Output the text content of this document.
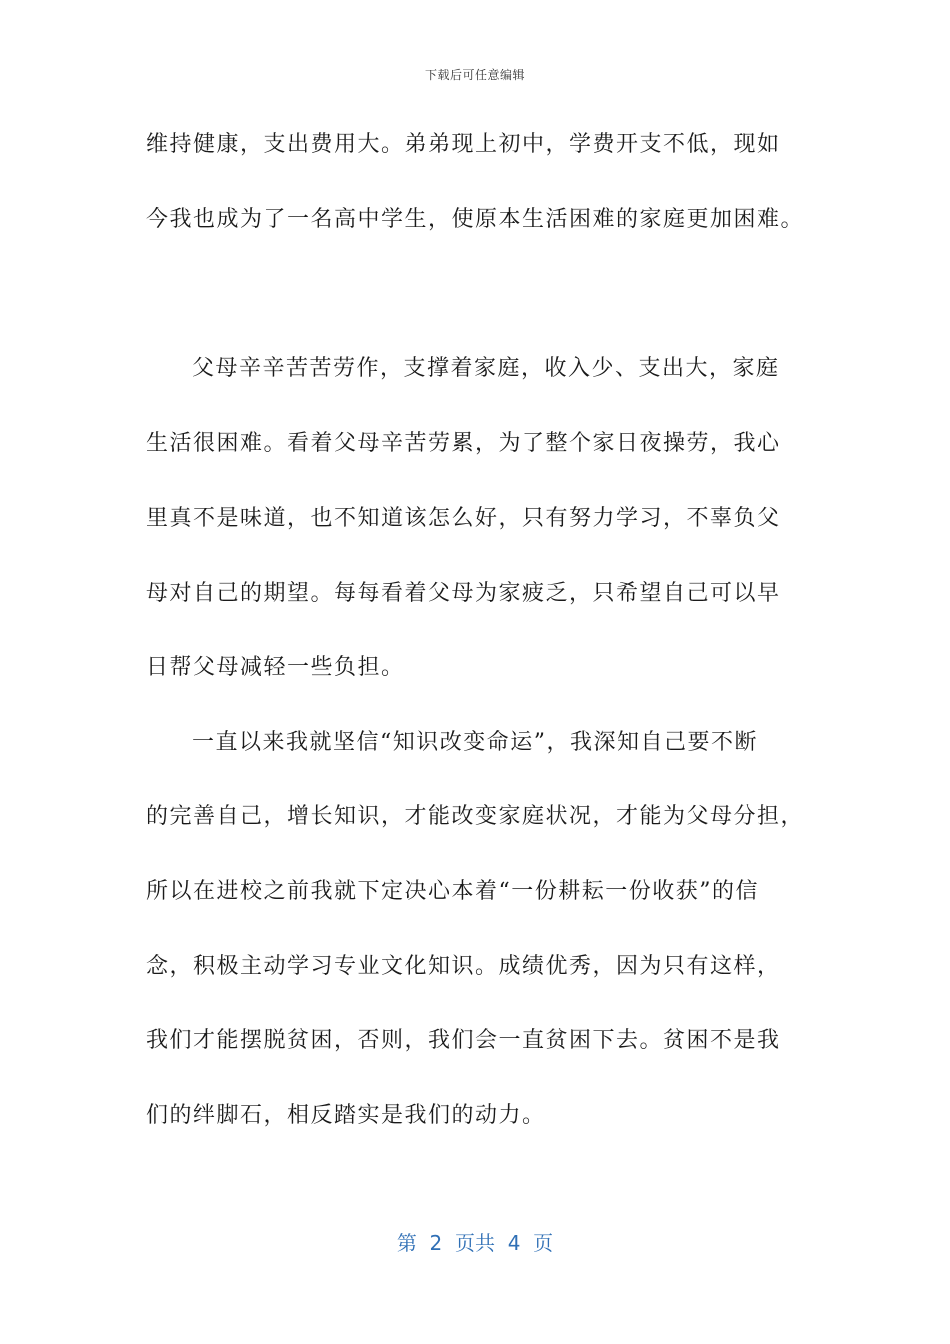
下载后可任意编辑
维持健康，支出费用大。弟弟现上初中，学费开支不低，现如
今我也成为了一名高中学生，使原本生活困难的家庭更加困难。
父母辛辛苦苦劳作，支撑着家庭，收入少、支出大，家庭
生活很困难。看着父母辛苦劳累，为了整个家日夜操劳，我心
里真不是味道，也不知道该怎么好，只有努力学习，不辜负父
母对自己的期望。每每看着父母为家疲乏，只希望自己可以早
日帮父母减轻一些负担。
一直以来我就坚信“知识改变命运”，我深知自己要不断
的完善自己，增长知识，才能改变家庭状况，才能为父母分担，
所以在进校之前我就下定决心本着“一份耕耘一份收获”的信
念，积极主动学习专业文化知识。成绩优秀，因为只有这样，
我们才能摆脱贫困，否则，我们会一直贫困下去。贫困不是我
们的绊脚石，相反踏实是我们的动力。
第  2  页共  4  页
